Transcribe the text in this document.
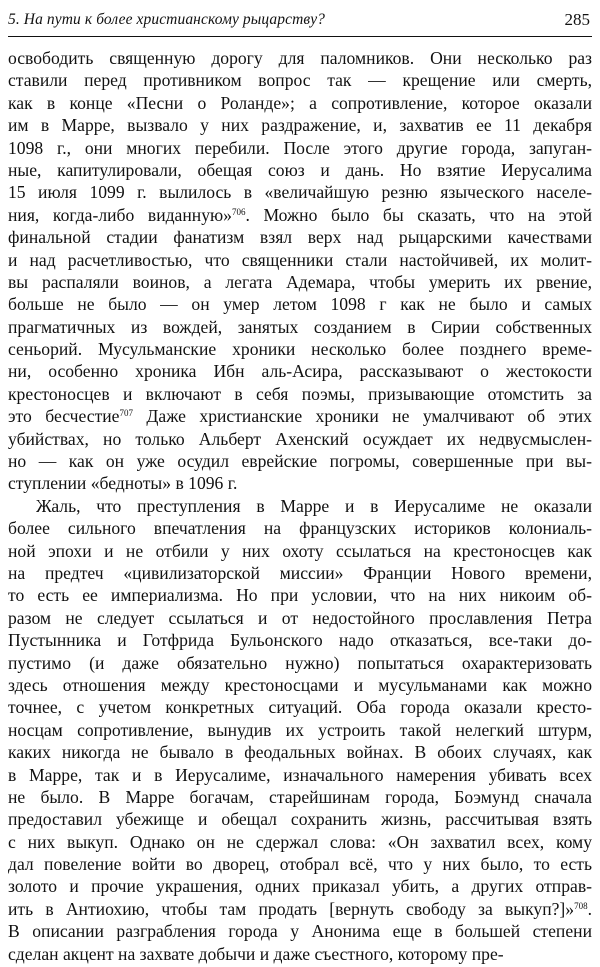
5. На пути к более христианскому рыцарству?	285
освободить священную дорогу для паломников. Они несколько раз
ставили перед противником вопрос так — крещение или смерть,
как в конце «Песни о Роланде»; а сопротивление, которое оказали
им в Марре, вызвало у них раздражение, и, захватив ее 11 декабря
1098 г., они многих перебили. После этого другие города, запуган-
ные, капитулировали, обещая союз и дань. Но взятие Иерусалима
15 июля 1099 г. вылилось в «величайшую резню языческого населе-
ния, когда-либо виданную»$^{706}$. Можно было бы сказать, что на этой
финальной стадии фанатизм взял верх над рыцарскими качествами
и над расчетливостью, что священники стали настойчивей, их молит-
вы распаляли воинов, а легата Адемара, чтобы умерить их рвение,
больше не было — он умер летом 1098 г как не было и самых
прагматичных из вождей, занятых созданием в Сирии собственных
сеньорий. Мусульманские хроники несколько более позднего време-
ни, особенно хроника Ибн аль-Асира, рассказывают о жестокости
крестоносцев и включают в себя поэмы, призывающие отомстить за
это бесчестие$^{707}$ Даже христианские хроники не умалчивают об этих
убийствах, но только Альберт Ахенский осуждает их недвусмыслен-
но — как он уже осудил еврейские погромы, совершенные при вы-
ступлении «бедноты» в 1096 г.
Жаль, что преступления в Марре и в Иерусалиме не оказали
более сильного впечатления на французских историков колониаль-
ной эпохи и не отбили у них охоту ссылаться на крестоносцев как
на предтеч «цивилизаторской миссии» Франции Нового времени,
то есть ее империализма. Но при условии, что на них никоим об-
разом не следует ссылаться и от недостойного прославления Петра
Пустынника и Готфрида Бульонского надо отказаться, все-таки до-
пустимо (и даже обязательно нужно) попытаться охарактеризовать
здесь отношения между крестоносцами и мусульманами как можно
точнее, с учетом конкретных ситуаций. Оба города оказали кресто-
носцам сопротивление, вынудив их устроить такой нелегкий штурм,
каких никогда не бывало в феодальных войнах. В обоих случаях, как
в Марре, так и в Иерусалиме, изначального намерения убивать всех
не было. В Марре богачам, старейшинам города, Боэмунд сначала
предоставил убежище и обещал сохранить жизнь, рассчитывая взять
с них выкуп. Однако он не сдержал слова: «Он захватил всех, кому
дал повеление войти во дворец, отобрал всё, что у них было, то есть
золото и прочие украшения, одних приказал убить, а других отправ-
ить в Антиохию, чтобы там продать [вернуть свободу за выкуп?]»$^{708}$.
В описании разграбления города у Анонима еще в большей степени
сделан акцент на захвате добычи и даже съестного, которому пре-
